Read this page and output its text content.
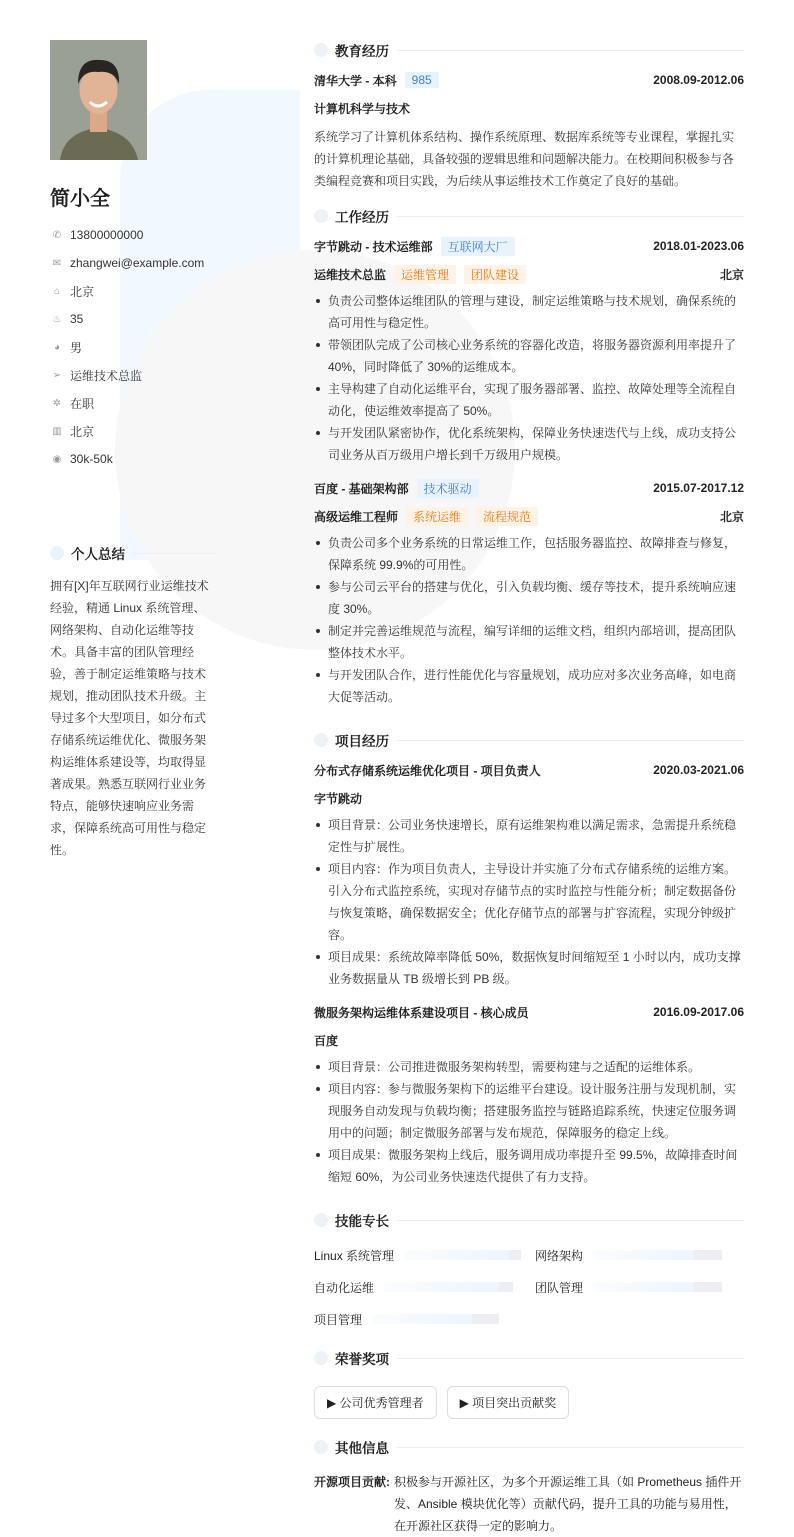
简小全
✆ 13800000000
✉ zhangwei@example.com
⌂ 北京
♨ 35
◕ 男
➢ 运维技术总监
✲ 在职
▥ 北京
◉ 30k-50k
个人总结
拥有[X]年互联网行业运维技术经验，精通 Linux 系统管理、网络架构、自动化运维等技术。具备丰富的团队管理经验，善于制定运维策略与技术规划，推动团队技术升级。主导过多个大型项目，如分布式存储系统运维优化、微服务架构运维体系建设等，均取得显著成果。熟悉互联网行业业务特点，能够快速响应业务需求，保障系统高可用性与稳定性。
教育经历
清华大学 - 本科	985	2008.09-2012.06
计算机科学与技术

系统学习了计算机体系结构、操作系统原理、数据库系统等专业课程，掌握扎实的计算机理论基础，具备较强的逻辑思维和问题解决能力。在校期间积极参与各类编程竞赛和项目实践，为后续从事运维技术工作奠定了良好的基础。

工作经历
字节跳动 - 技术运维部	互联网大厂	2018.01-2023.06
运维技术总监	运维管理	团队建设	北京
负责公司整体运维团队的管理与建设，制定运维策略与技术规划，确保系统的高可用性与稳定性。
带领团队完成了公司核心业务系统的容器化改造，将服务器资源利用率提升了 40%，同时降低了 30%的运维成本。
主导构建了自动化运维平台，实现了服务器部署、监控、故障处理等全流程自动化，使运维效率提高了 50%。
与开发团队紧密协作，优化系统架构，保障业务快速迭代与上线，成功支持公司业务从百万级用户增长到千万级用户规模。
百度 - 基础架构部	技术驱动	2015.07-2017.12
高级运维工程师	系统运维	流程规范	北京
负责公司多个业务系统的日常运维工作，包括服务器监控、故障排查与修复，保障系统 99.9%的可用性。
参与公司云平台的搭建与优化，引入负载均衡、缓存等技术，提升系统响应速度 30%。
制定并完善运维规范与流程，编写详细的运维文档，组织内部培训，提高团队整体技术水平。
与开发团队合作，进行性能优化与容量规划，成功应对多次业务高峰，如电商大促等活动。
项目经历
分布式存储系统运维优化项目 - 项目负责人	2020.03-2021.06
字节跳动
项目背景：公司业务快速增长，原有运维架构难以满足需求，急需提升系统稳定性与扩展性。
项目内容：作为项目负责人，主导设计并实施了分布式存储系统的运维方案。引入分布式监控系统，实现对存储节点的实时监控与性能分析；制定数据备份与恢复策略，确保数据安全；优化存储节点的部署与扩容流程，实现分钟级扩容。
项目成果：系统故障率降低 50%，数据恢复时间缩短至 1 小时以内，成功支撑业务数据量从 TB 级增长到 PB 级。
微服务架构运维体系建设项目 - 核心成员	2016.09-2017.06
百度
项目背景：公司推进微服务架构转型，需要构建与之适配的运维体系。
项目内容：参与微服务架构下的运维平台建设。设计服务注册与发现机制，实现服务自动发现与负载均衡；搭建服务监控与链路追踪系统，快速定位服务调用中的问题；制定微服务部署与发布规范，保障服务的稳定上线。
项目成果：微服务架构上线后，服务调用成功率提升至 99.5%，故障排查时间缩短 60%，为公司业务快速迭代提供了有力支持。
技能专长
Linux 系统管理	网络架构
自动化运维	团队管理
项目管理
荣誉奖项
▶ 公司优秀管理者	▶ 项目突出贡献奖
其他信息
开源项目贡献: 积极参与开源社区，为多个开源运维工具（如 Prometheus 插件开发、Ansible 模块优化等）贡献代码，提升工具的功能与易用性，在开源社区获得一定的影响力。
